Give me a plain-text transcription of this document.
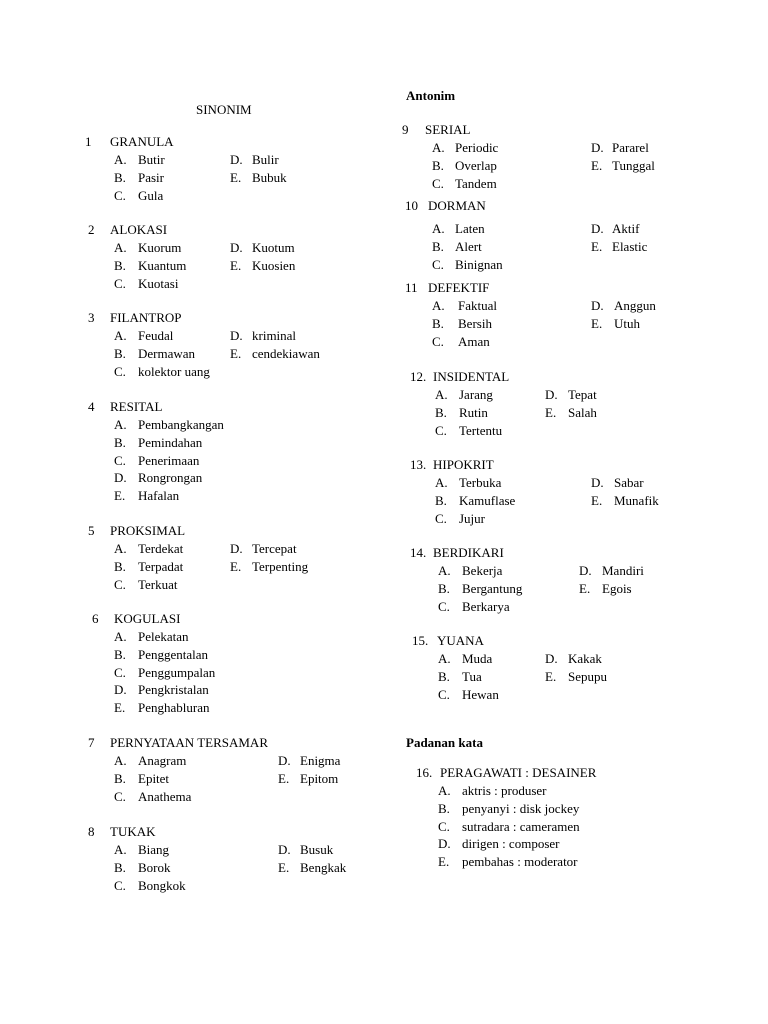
Antonim
SINONIM
Padanan kata
1 GRANULA
A. Butir
B. Pasir
C. Gula
D. Bulir
E. Bubuk
2 ALOKASI
A. Kuorum
B. Kuantum
C. Kuotasi
D. Kuotum
E. Kuosien
3 FILANTROP
A. Feudal
B. Dermawan
C. kolektor uang
D. kriminal
E. cendekiawan
4 RESITAL
A. Pembangkangan
B. Pemindahan
C. Penerimaan
D. Rongrongan
E. Hafalan
5 PROKSIMAL
A. Terdekat
B. Terpadat
C. Terkuat
D. Tercepat
E. Terpenting
6 KOGULASI
A. Pelekatan
B. Penggentalan
C. Penggumpalan
D. Pengkristalan
E. Penghabluran
7 PERNYATAAN TERSAMAR
A. Anagram
B. Epitet
C. Anathema
D. Enigma
E. Epitom
8 TUKAK
A. Biang
B. Borok
C. Bongkok
D. Busuk
E. Bengkak
9 SERIAL
A. Periodic
B. Overlap
C. Tandem
D. Pararel
E. Tunggal
10 DORMAN
A. Laten
B. Alert
C. Binignan
D. Aktif
E. Elastic
11 DEFEKTIF
A. Faktual
B. Bersih
C. Aman
D. Anggun
E. Utuh
12. INSIDENTAL
A. Jarang
B. Rutin
C. Tertentu
D. Tepat
E. Salah
13. HIPOKRIT
A. Terbuka
B. Kamuflase
C. Jujur
D. Sabar
E. Munafik
14. BERDIKARI
A. Bekerja
B. Bergantung
C. Berkarya
D. Mandiri
E. Egois
15. YUANA
A. Muda
B. Tua
C. Hewan
D. Kakak
E. Sepupu
16. PERAGAWATI : DESAINER
A. aktris : produser
B. penyanyi : disk jockey
C. sutradara : cameramen
D. dirigen : composer
E. pembahas : moderator
